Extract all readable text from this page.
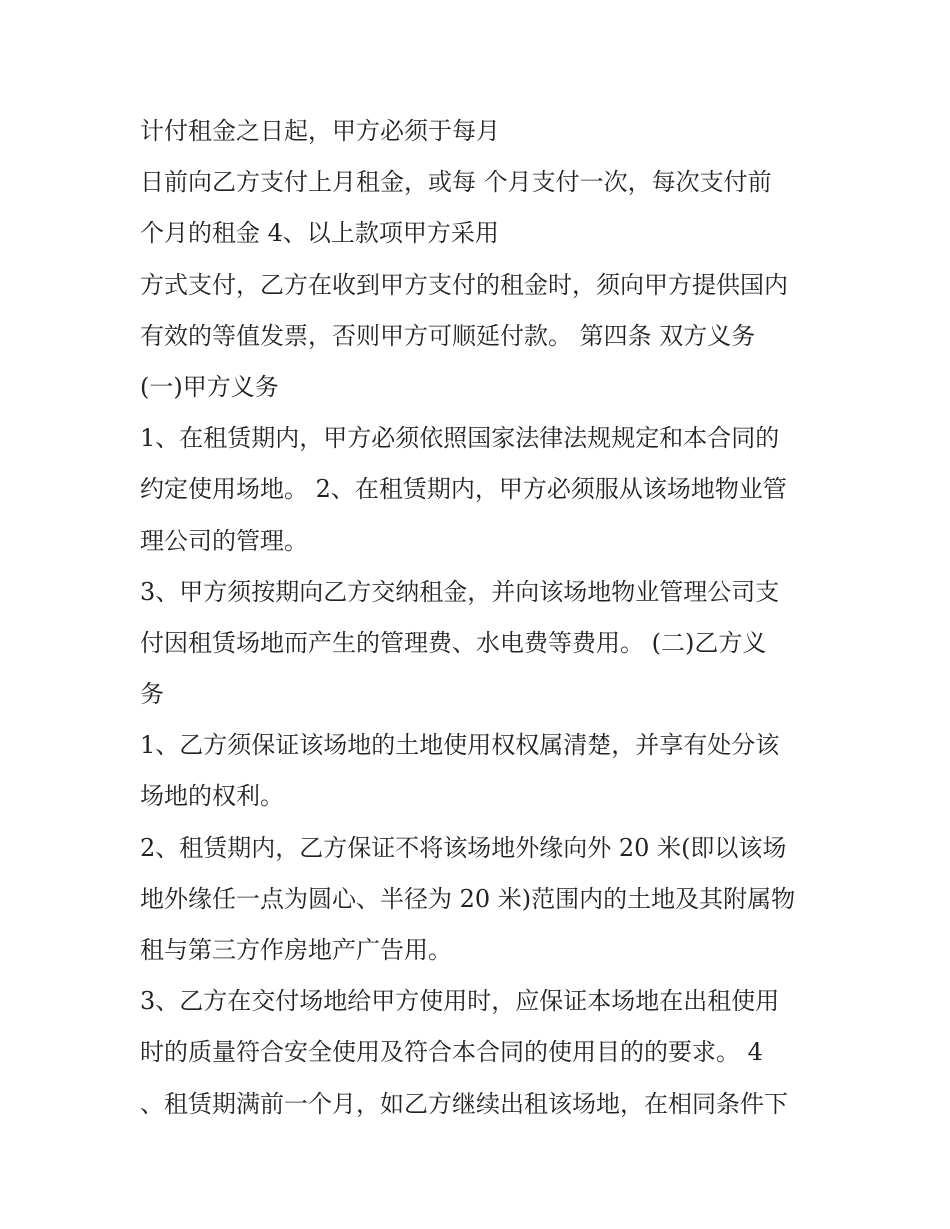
计付租金之日起，甲方必须于每月
日前向乙方支付上月租金，或每 个月支付一次，每次支付前
个月的租金 4、以上款项甲方采用
方式支付，乙方在收到甲方支付的租金时，须向甲方提供国内
有效的等值发票，否则甲方可顺延付款。 第四条 双方义务
(一)甲方义务
1、在租赁期内，甲方必须依照国家法律法规规定和本合同的
约定使用场地。 2、在租赁期内，甲方必须服从该场地物业管
理公司的管理。
3、甲方须按期向乙方交纳租金，并向该场地物业管理公司支
付因租赁场地而产生的管理费、水电费等费用。 (二)乙方义
务
1、乙方须保证该场地的土地使用权权属清楚，并享有处分该
场地的权利。
2、租赁期内，乙方保证不将该场地外缘向外 20 米(即以该场
地外缘任一点为圆心、半径为 20 米)范围内的土地及其附属物
租与第三方作房地产广告用。
3、乙方在交付场地给甲方使用时，应保证本场地在出租使用
时的质量符合安全使用及符合本合同的使用目的的要求。 4
、租赁期满前一个月，如乙方继续出租该场地，在相同条件下
